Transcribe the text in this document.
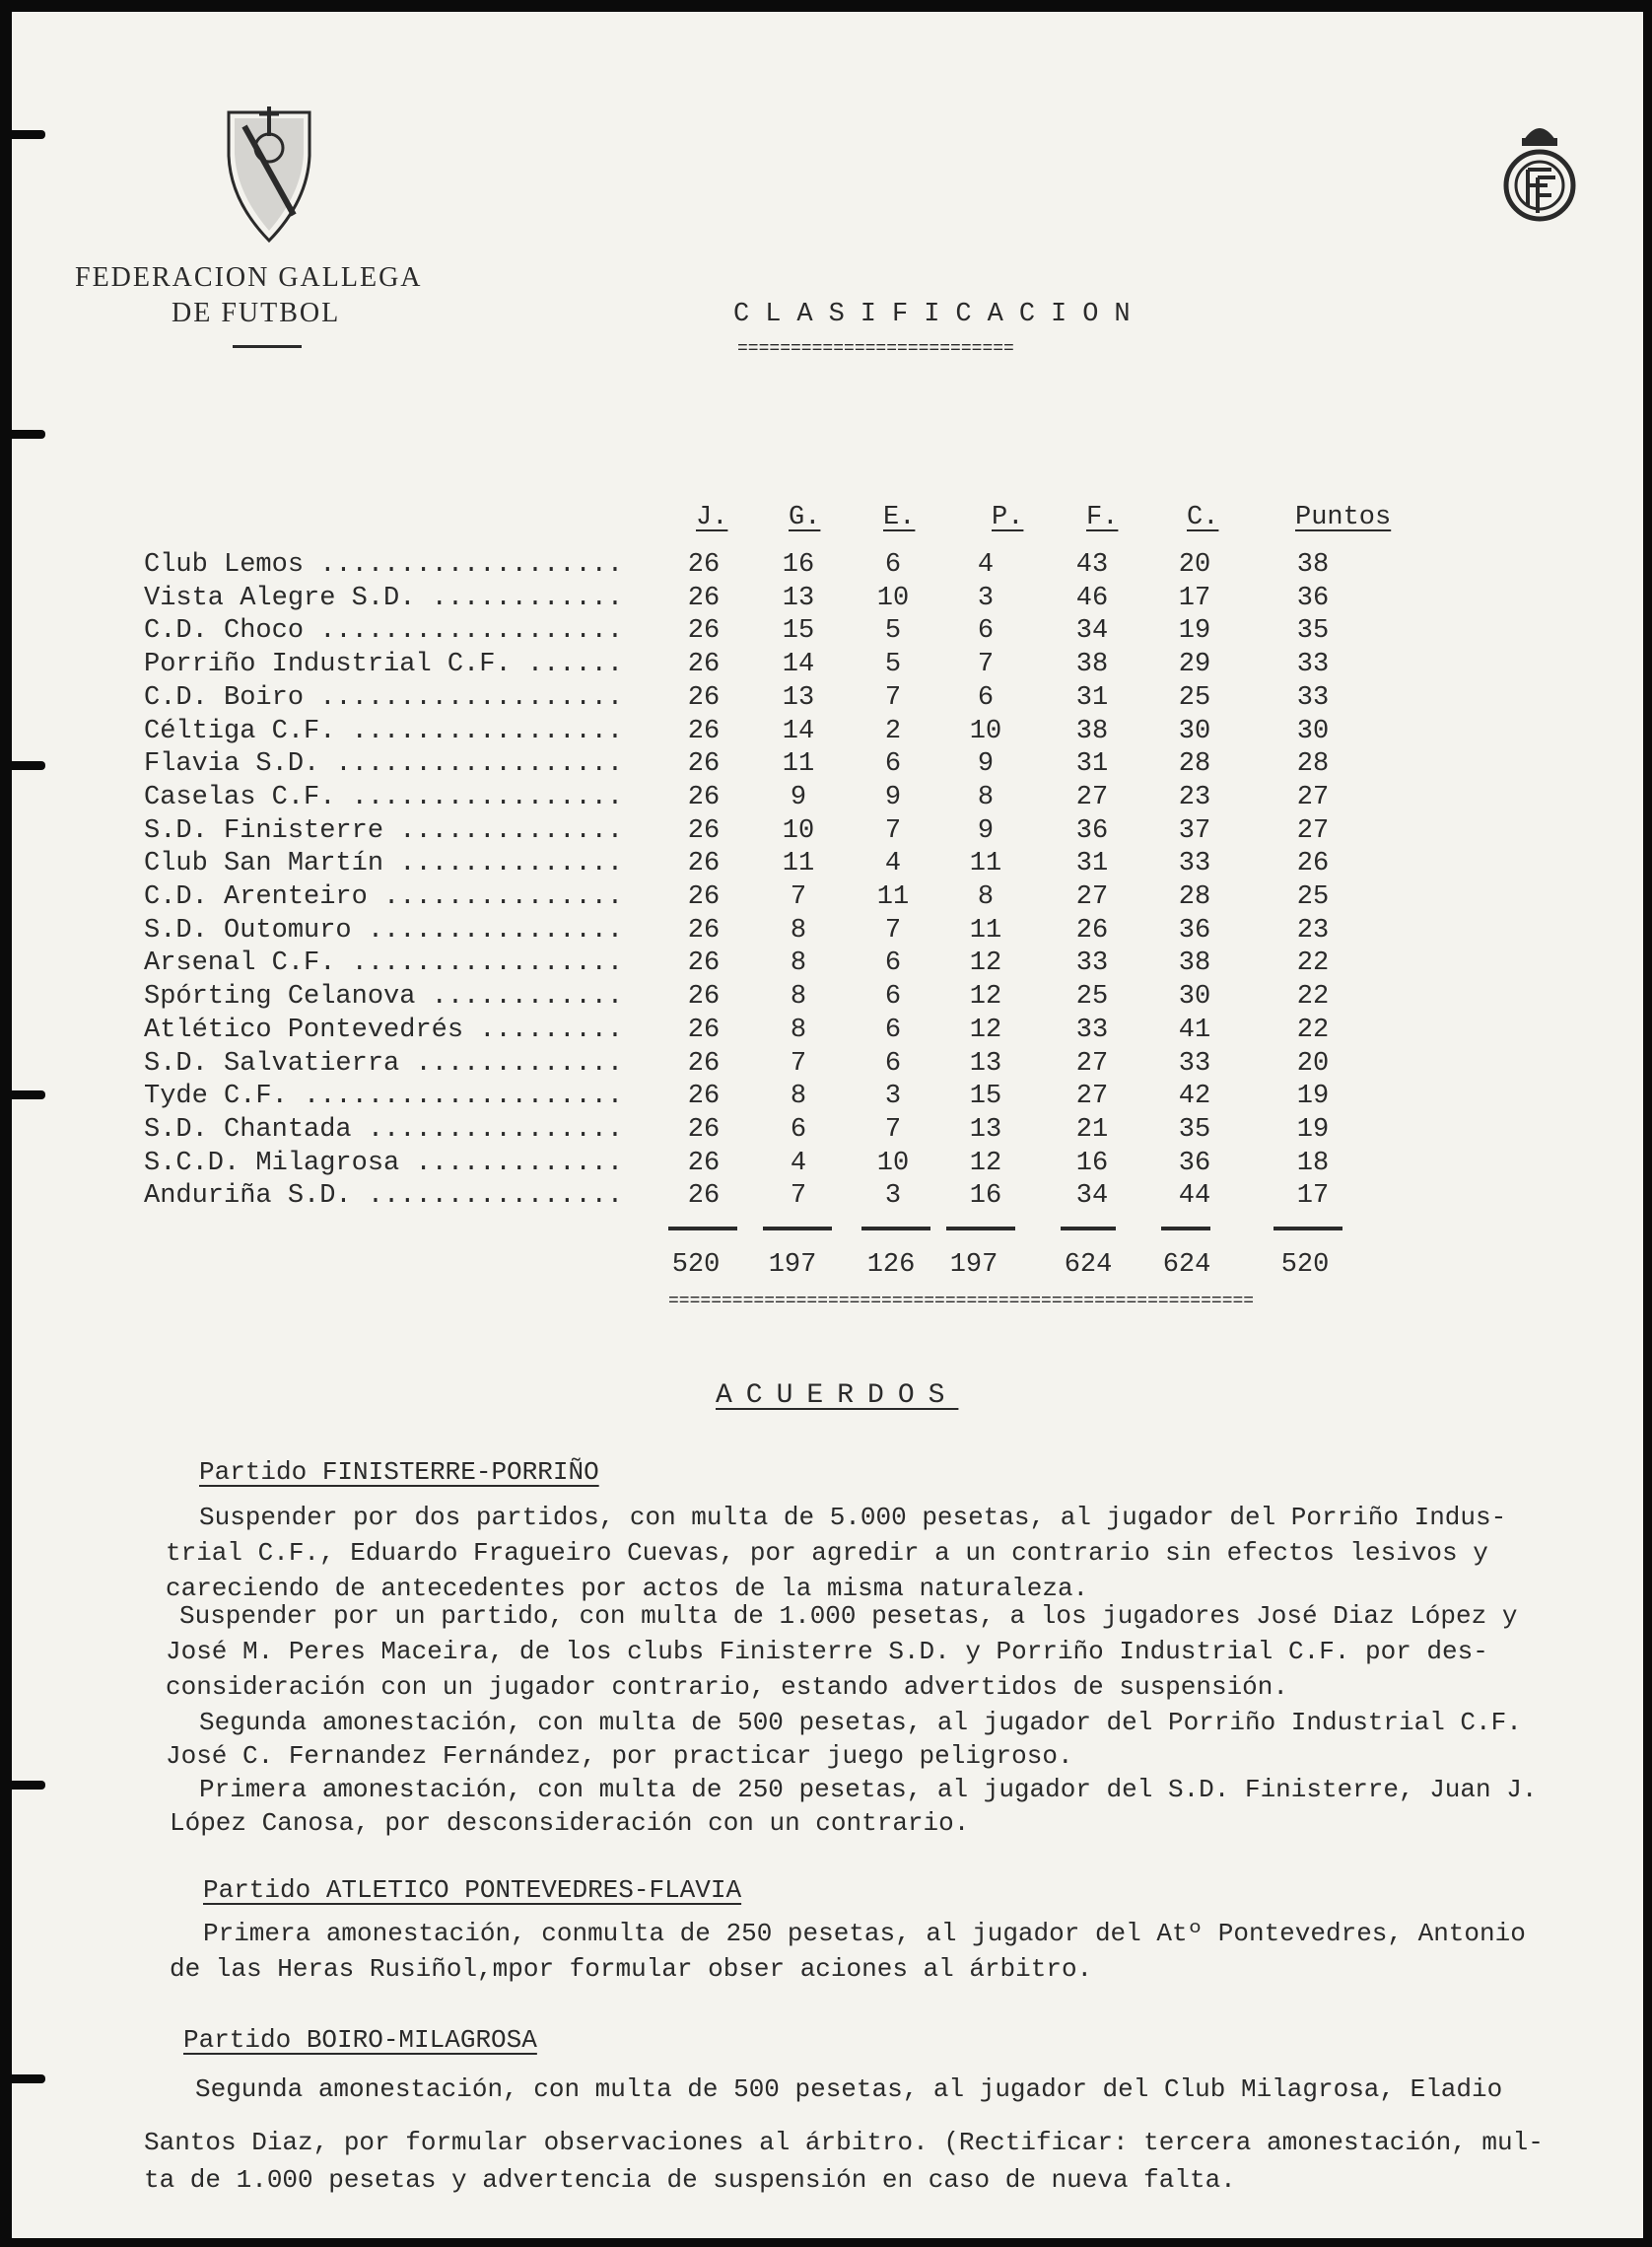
FEDERACION GALLEGA
DE FUTBOL	CLASIFICACION
==========================
J. G. E.	P. F.	C.	Puntos
Club Lemos ...................	26	16	6	4	43	20	38
Vista Alegre S.D. ............	26	13	10	3	46	17	36
C.D. Choco ...................	26	15	5	6	34	19	35
Porriño Industrial C.F. ......	26	14	5	7	38	29	33
C.D. Boiro ...................	26	13	7	6	31	25	33
Céltiga C.F. .................	26	14	2	10	38	30	30
Flavia S.D. ..................	26	11	6	9	31	28	28
Caselas C.F. .................	26	9	9	8	27	23	27
S.D. Finisterre ..............	26	10	7	9	36	37	27
Club San Martín ..............	26	11	4	11	31	33	26
C.D. Arenteiro ...............	26	7	11	8	27	28	25
S.D. Outomuro ................	26	8	7	11	26	36	23
Arsenal C.F. .................	26	8	6	12	33	38	22
Spórting Celanova ............	26	8	6	12	25	30	22
Atlético Pontevedrés .........	26	8	6	12	33	41	22
S.D. Salvatierra .............	26	7	6	13	27	33	20
Tyde C.F. ....................	26	8	3	15	27	42	19
S.D. Chantada ................	26	6	7	13	21	35	19
S.C.D. Milagrosa .............	26	4	10	12	16	36	18
Anduriña S.D. ................	26	7	3	16	34	44	17
520	197	126	197	624	624	520
=======================================================
ACUERDOS
Partido FINISTERRE-PORRIÑO
Suspender por dos partidos, con multa de 5.000 pesetas, al jugador del Porriño Indus-
trial C.F., Eduardo Fragueiro Cuevas, por agredir a un contrario sin efectos lesivos y
careciendo de antecedentes por actos de la misma naturaleza.
Suspender por un partido, con multa de 1.000 pesetas, a los jugadores José Diaz López y
José M. Peres Maceira, de los clubs Finisterre S.D. y Porriño Industrial C.F. por des-
consideración con un jugador contrario, estando advertidos de suspensión.
Segunda amonestación, con multa de 500 pesetas, al jugador del Porriño Industrial C.F.
José C. Fernandez Fernández, por practicar juego peligroso.
Primera amonestación, con multa de 250 pesetas, al jugador del S.D. Finisterre, Juan J.
López Canosa, por desconsideración con un contrario.
Partido ATLETICO PONTEVEDRES-FLAVIA
Primera amonestación, conmulta de 250 pesetas, al jugador del Atº Pontevedres, Antonio
de las Heras Rusiñol,mpor formular obser aciones al árbitro.
Partido BOIRO-MILAGROSA
Segunda amonestación, con multa de 500 pesetas, al jugador del Club Milagrosa, Eladio
Santos Diaz, por formular observaciones al árbitro. (Rectificar: tercera amonestación, mul-
ta de 1.000 pesetas y advertencia de suspensión en caso de nueva falta.
